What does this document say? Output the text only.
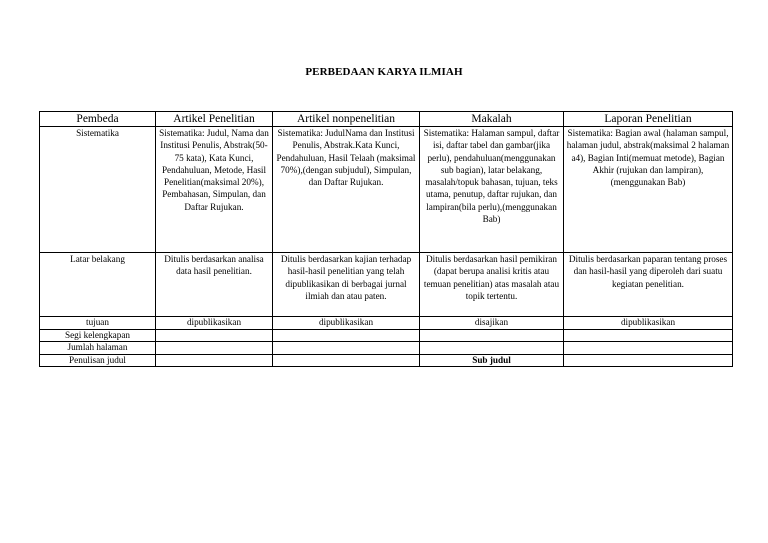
PERBEDAAN KARYA ILMIAH
Pembeda	Artikel Penelitian	Artikel nonpenelitian	Makalah	Laporan Penelitian
Sistematika	Sistematika: Judul, Nama dan Institusi Penulis, Abstrak(50-75 kata), Kata Kunci, Pendahuluan, Metode, Hasil Penelitian(maksimal 20%), Pembahasan, Simpulan, dan Daftar Rujukan.	Sistematika: JudulNama dan Institusi Penulis, Abstrak.Kata Kunci, Pendahuluan, Hasil Telaah (maksimal 70%),(dengan subjudul), Simpulan, dan Daftar Rujukan.	Sistematika: Halaman sampul, daftar isi, daftar tabel dan gambar(jika perlu), pendahuluan(menggunakan sub bagian), latar belakang, masalah/topuk bahasan, tujuan, teks utama, penutup, daftar rujukan, dan lampiran(bila perlu),(menggunakan Bab)	Sistematika: Bagian awal (halaman sampul, halaman judul, abstrak(maksimal 2 halaman a4), Bagian Inti(memuat metode), Bagian Akhir (rujukan dan lampiran), (menggunakan Bab)
Latar belakang	Ditulis berdasarkan analisa data hasil penelitian.	Ditulis berdasarkan kajian terhadap hasil-hasil penelitian yang telah dipublikasikan di berbagai jurnal ilmiah dan atau paten.	Ditulis berdasarkan hasil pemikiran (dapat berupa analisi kritis atau temuan penelitian) atas masalah atau topik tertentu.	Ditulis berdasarkan paparan tentang proses dan hasil-hasil yang diperoleh dari suatu kegiatan penelitian.
tujuan	dipublikasikan	dipublikasikan	disajikan	dipublikasikan
Segi kelengkapan				
Jumlah halaman				
Penulisan judul			Sub judul	
